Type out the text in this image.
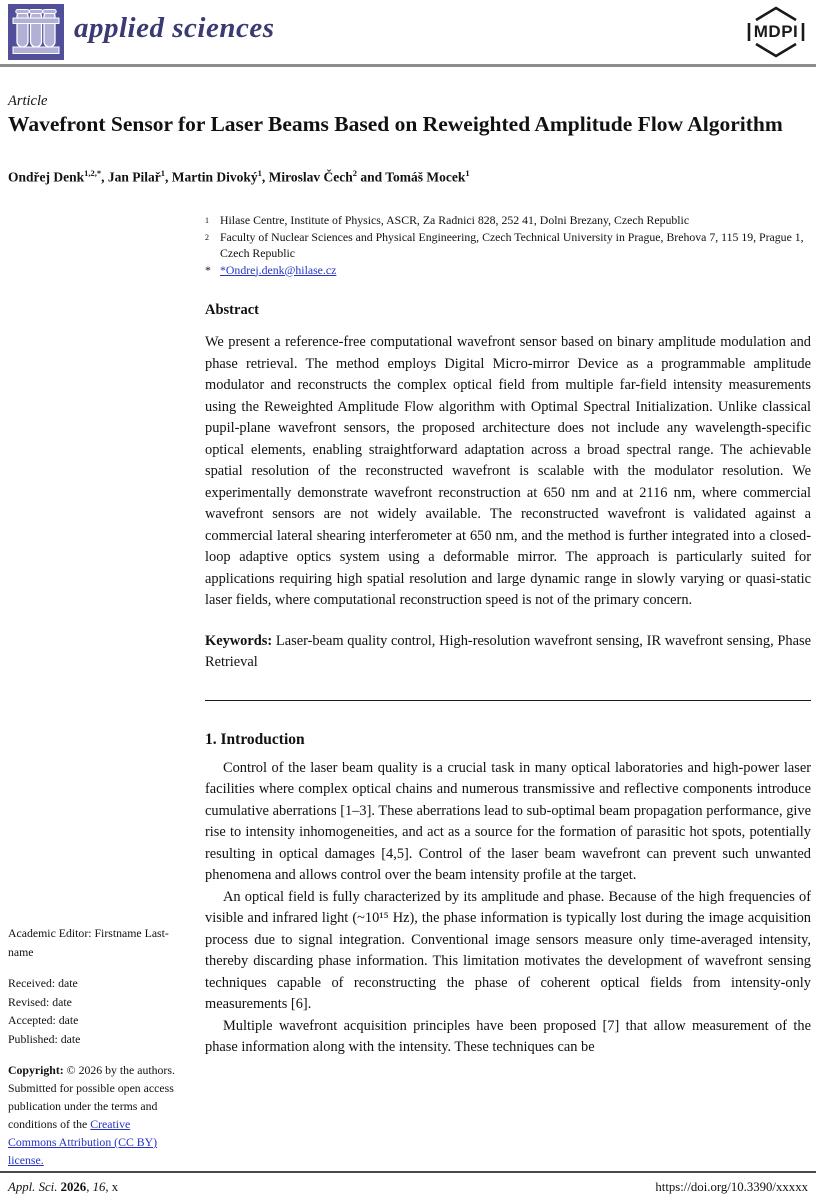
applied sciences	MDPI
Article
Wavefront Sensor for Laser Beams Based on Reweighted Amplitude Flow Algorithm
Ondřej Denk$^{1,2,*}$, Jan Pilař$^1$, Martin Divoký$^1$, Miroslav Čech$^2$ and Tomáš Mocek$^1$
1 Hilase Centre, Institute of Physics, ASCR, Za Radnici 828, 252 41, Dolni Brezany, Czech Republic
2 Faculty of Nuclear Sciences and Physical Engineering, Czech Technical University in Prague, Brehova 7, 115 19, Prague 1, Czech Republic
* *Ondrej.denk@hilase.cz
Abstract

We present a reference-free computational wavefront sensor based on binary amplitude modulation and phase retrieval. The method employs Digital Micro-mirror Device as a programmable amplitude modulator and reconstructs the complex optical field from multiple far-field intensity measurements using the Reweighted Amplitude Flow algorithm with Optimal Spectral Initialization. Unlike classical pupil-plane wavefront sensors, the proposed architecture does not include any wavelength-specific optical elements, enabling straightforward adaptation across a broad spectral range. The achievable spatial resolution of the reconstructed wavefront is scalable with the modulator resolution. We experimentally demonstrate wavefront reconstruction at 650 nm and at 2116 nm, where commercial wavefront sensors are not widely available. The reconstructed wavefront is validated against a commercial lateral shearing interferometer at 650 nm, and the method is further integrated into a closed-loop adaptive optics system using a deformable mirror. The approach is particularly suited for applications requiring high spatial resolution and large dynamic range in slowly varying or quasi-static laser fields, where computational reconstruction speed is not of the primary concern.

Keywords: Laser-beam quality control, High-resolution wavefront sensing, IR wavefront sensing, Phase Retrieval

1. Introduction

Control of the laser beam quality is a crucial task in many optical laboratories and high-power laser facilities where complex optical chains and numerous transmissive and reflective components introduce cumulative aberrations [1–3]. These aberrations lead to sub-optimal beam propagation performance, give rise to intensity inhomogeneities, and act as a source for the formation of parasitic hot spots, potentially resulting in optical damages [4,5]. Control of the laser beam wavefront can prevent such unwanted phenomena and allows control over the beam intensity profile at the target.

An optical field is fully characterized by its amplitude and phase. Because of the high frequencies of visible and infrared light (~10¹⁵ Hz), the phase information is typically lost during the image acquisition process due to signal integration. Conventional image sensors measure only time-averaged intensity, thereby discarding phase information. This limitation motivates the development of wavefront sensing techniques capable of reconstructing the phase of coherent optical fields from intensity-only measurements [6].

Multiple wavefront acquisition principles have been proposed [7] that allow measurement of the phase information along with the intensity. These techniques can be

Academic Editor: Firstname Lastname
Received: date
Revised: date
Accepted: date
Published: date
Copyright: © 2026 by the authors. Submitted for possible open access publication under the terms and conditions of the Creative Commons Attribution (CC BY) license.
Appl. Sci. 2026, 16, x	https://doi.org/10.3390/xxxxx
